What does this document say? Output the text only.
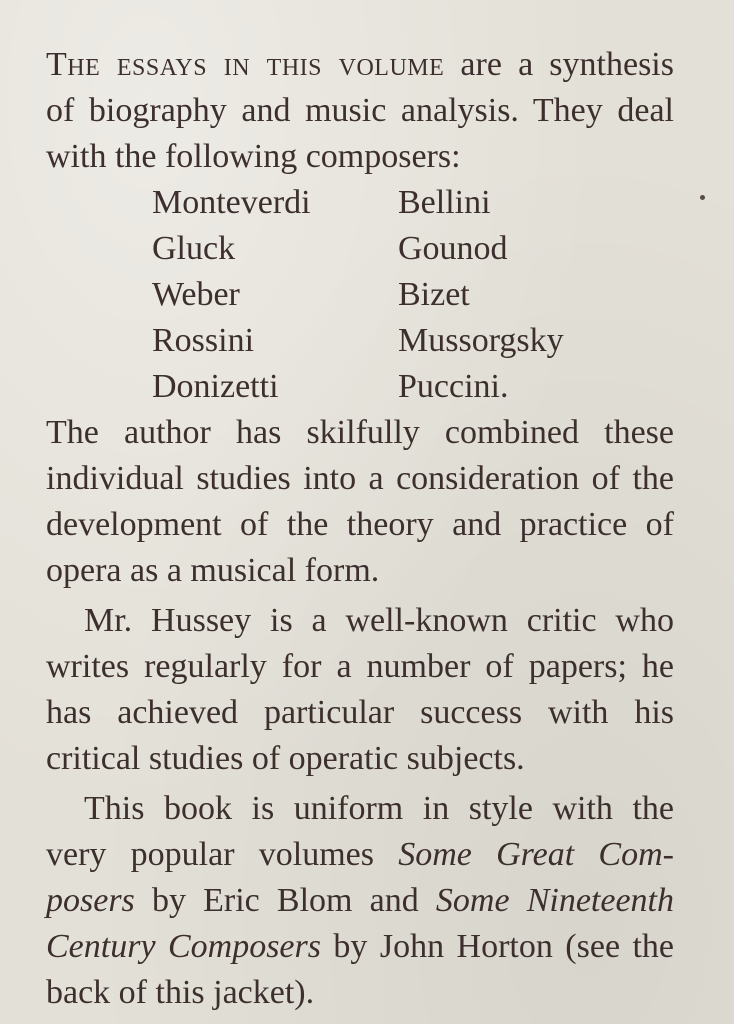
The essays in this volume are a synthesis
of biography and music analysis. They deal
with the following composers:
Monteverdi	Bellini
Gluck	Gounod
Weber	Bizet
Rossini	Mussorgsky
Donizetti	Puccini.
The author has skilfully combined these
individual studies into a consideration of the
development of the theory and practice of
opera as a musical form.
Mr. Hussey is a well-known critic who
writes regularly for a number of papers; he
has achieved particular success with his
critical studies of operatic subjects.
This book is uniform in style with the
very popular volumes Some Great Com-
posers by Eric Blom and Some Nineteenth
Century Composers by John Horton (see the
back of this jacket).
